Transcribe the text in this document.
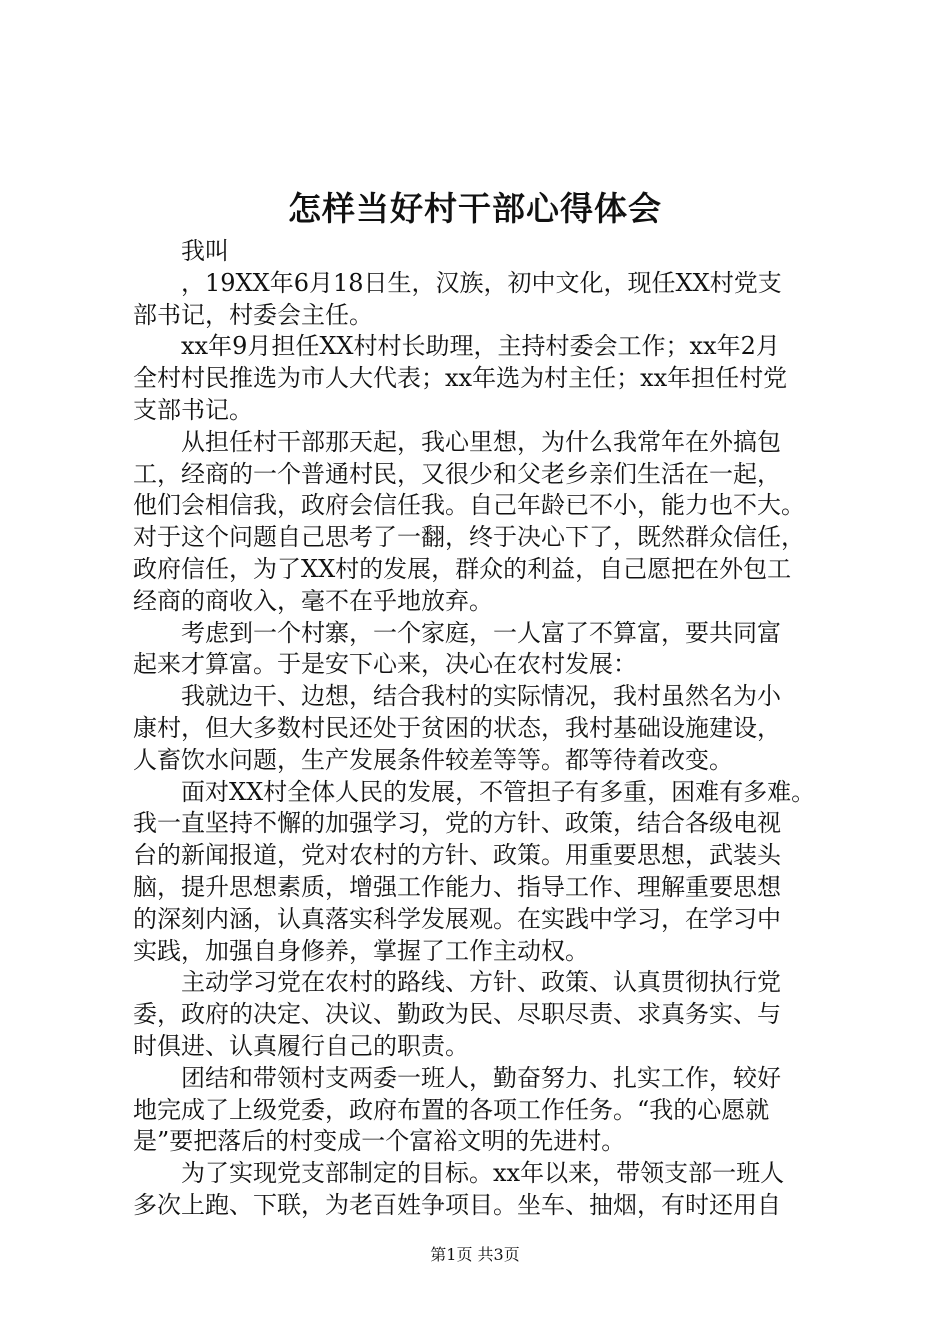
怎样当好村干部心得体会
我叫
，19XX年6月18日生，汉族，初中文化，现任XX村党支
部书记，村委会主任。
xx年9月担任XX村村长助理，主持村委会工作；xx年2月
全村村民推选为市人大代表；xx年选为村主任；xx年担任村党
支部书记。
从担任村干部那天起，我心里想，为什么我常年在外搞包
工，经商的一个普通村民，又很少和父老乡亲们生活在一起，
他们会相信我，政府会信任我。自己年龄已不小，能力也不大。
对于这个问题自己思考了一翻，终于决心下了，既然群众信任，
政府信任，为了XX村的发展，群众的利益，自己愿把在外包工
经商的商收入，毫不在乎地放弃。
考虑到一个村寨，一个家庭，一人富了不算富，要共同富
起来才算富。于是安下心来，决心在农村发展：
我就边干、边想，结合我村的实际情况，我村虽然名为小
康村，但大多数村民还处于贫困的状态，我村基础设施建设，
人畜饮水问题，生产发展条件较差等等。都等待着改变。
面对XX村全体人民的发展，不管担子有多重，困难有多难。
我一直坚持不懈的加强学习，党的方针、政策，结合各级电视
台的新闻报道，党对农村的方针、政策。用重要思想，武装头
脑，提升思想素质，增强工作能力、指导工作、理解重要思想
的深刻内涵，认真落实科学发展观。在实践中学习，在学习中
实践，加强自身修养，掌握了工作主动权。
主动学习党在农村的路线、方针、政策、认真贯彻执行党
委，政府的决定、决议、勤政为民、尽职尽责、求真务实、与
时俱进、认真履行自己的职责。
团结和带领村支两委一班人，勤奋努力、扎实工作，较好
地完成了上级党委，政府布置的各项工作任务。“我的心愿就
是”要把落后的村变成一个富裕文明的先进村。
为了实现党支部制定的目标。xx年以来，带领支部一班人
多次上跑、下联，为老百姓争项目。坐车、抽烟，有时还用自
第1页 共3页
